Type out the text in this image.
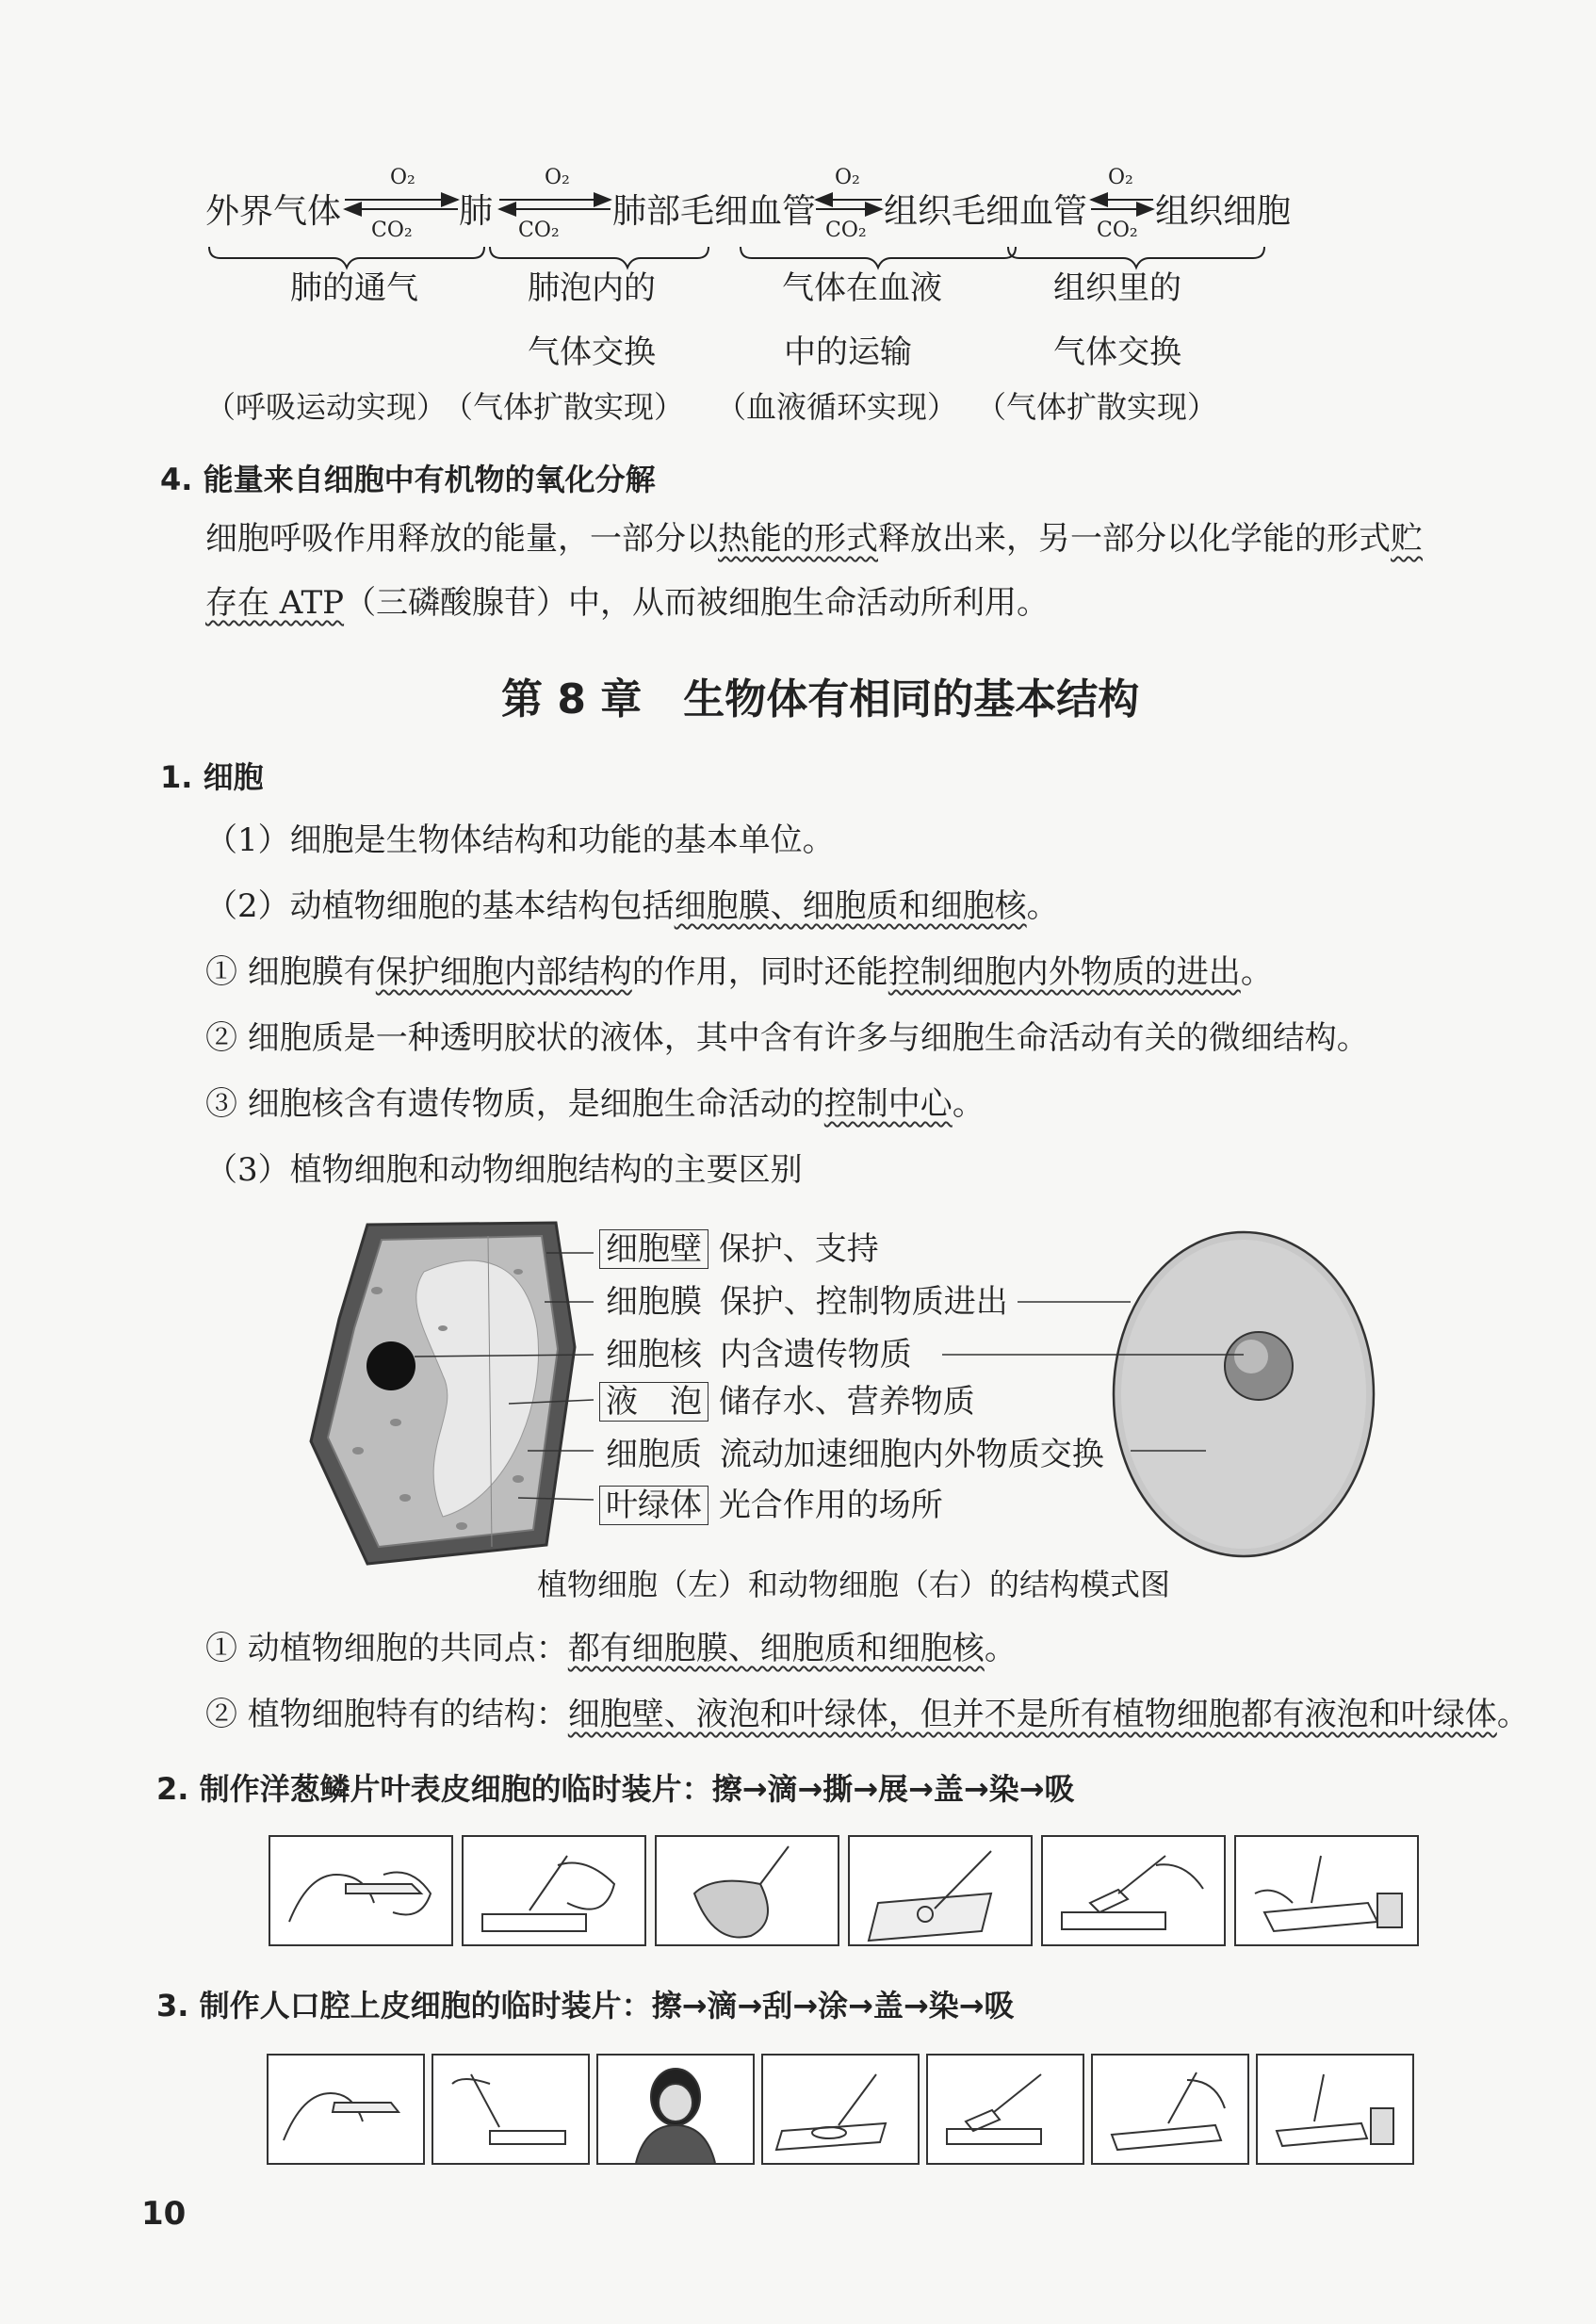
外界气体	肺	肺部毛细血管 组织毛细血管 组织细胞
O₂
CO₂
O₂
CO₂
O₂
CO₂
O₂
CO₂
肺的通气	肺泡内的
气体交换
气体在血液
中的运输
组织里的
气体交换
（呼吸运动实现）
（气体扩散实现） （血液循环实现） （气体扩散实现）
4. 能量来自细胞中有机物的氧化分解
细胞呼吸作用释放的能量，一部分以热能的形式释放出来，另一部分以化学能的形式贮
存在 ATP（三磷酸腺苷）中，从而被细胞生命活动所利用。
第 8 章　生物体有相同的基本结构
1. 细胞
（1）细胞是生物体结构和功能的基本单位。
（2）动植物细胞的基本结构包括细胞膜、细胞质和细胞核。
① 细胞膜有保护细胞内部结构的作用，同时还能控制细胞内外物质的进出。
② 细胞质是一种透明胶状的液体，其中含有许多与细胞生命活动有关的微细结构。
③ 细胞核含有遗传物质，是细胞生命活动的控制中心。
（3）植物细胞和动物细胞结构的主要区别
细胞壁 保护、支持
细胞膜 保护、控制物质进出
细胞核 内含遗传物质
液　泡 储存水、营养物质
细胞质 流动加速细胞内外物质交换
叶绿体 光合作用的场所
植物细胞（左）和动物细胞（右）的结构模式图
① 动植物细胞的共同点：都有细胞膜、细胞质和细胞核。
② 植物细胞特有的结构：细胞壁、液泡和叶绿体，但并不是所有植物细胞都有液泡和叶绿体。
2. 制作洋葱鳞片叶表皮细胞的临时装片：擦→滴→撕→展→盖→染→吸
3. 制作人口腔上皮细胞的临时装片：擦→滴→刮→涂→盖→染→吸
10
